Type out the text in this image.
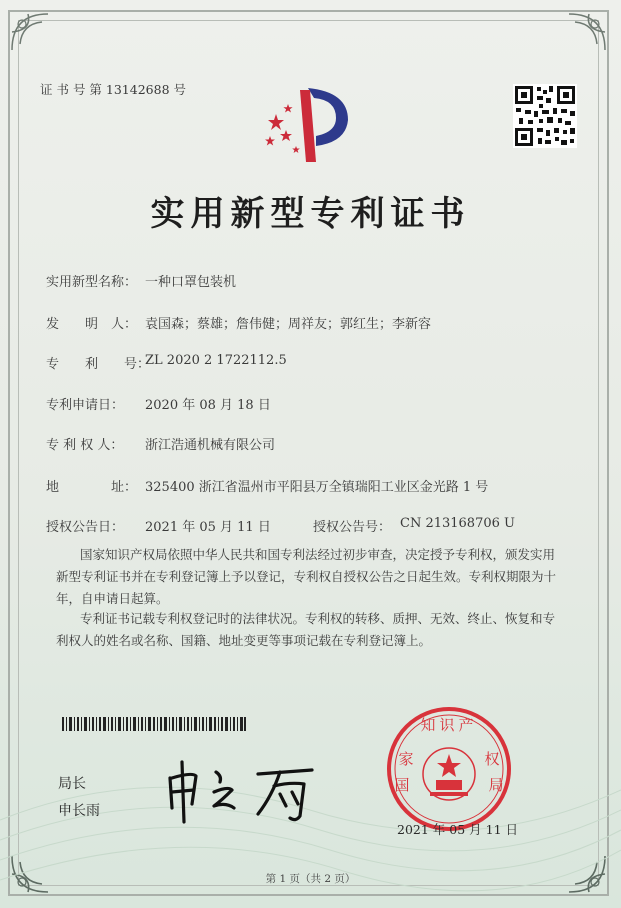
证 书 号 第 13142688 号
实用新型专利证书
实用新型名称： 一种口罩包装机
发　　明　人： 袁国森；蔡雄；詹伟健；周祥友；郭红生；李新容
专　　利　　号：
ZL 2020 2 1722112.5
专利申请日： 2020 年 08 月 18 日
专 利 权 人： 浙江浩通机械有限公司
地　　　　址： 325400 浙江省温州市平阳县万全镇瑞阳工业区金光路 1 号
授权公告日： 2021 年 05 月 11 日	授权公告号： CN 213168706 U
国家知识产权局依照中华人民共和国专利法经过初步审查，决定授予专利权，颁发实用
新型专利证书并在专利登记簿上予以登记，专利权自授权公告之日起生效。专利权期限为十
年，自申请日起算。
专利证书记载专利权登记时的法律状况。专利权的转移、质押、无效、终止、恢复和专
利权人的姓名或名称、国籍、地址变更等事项记载在专利登记簿上。
局长
申长雨
知识产
家	权
国	局
2021 年 05 月 11 日
第 1 页（共 2 页）
